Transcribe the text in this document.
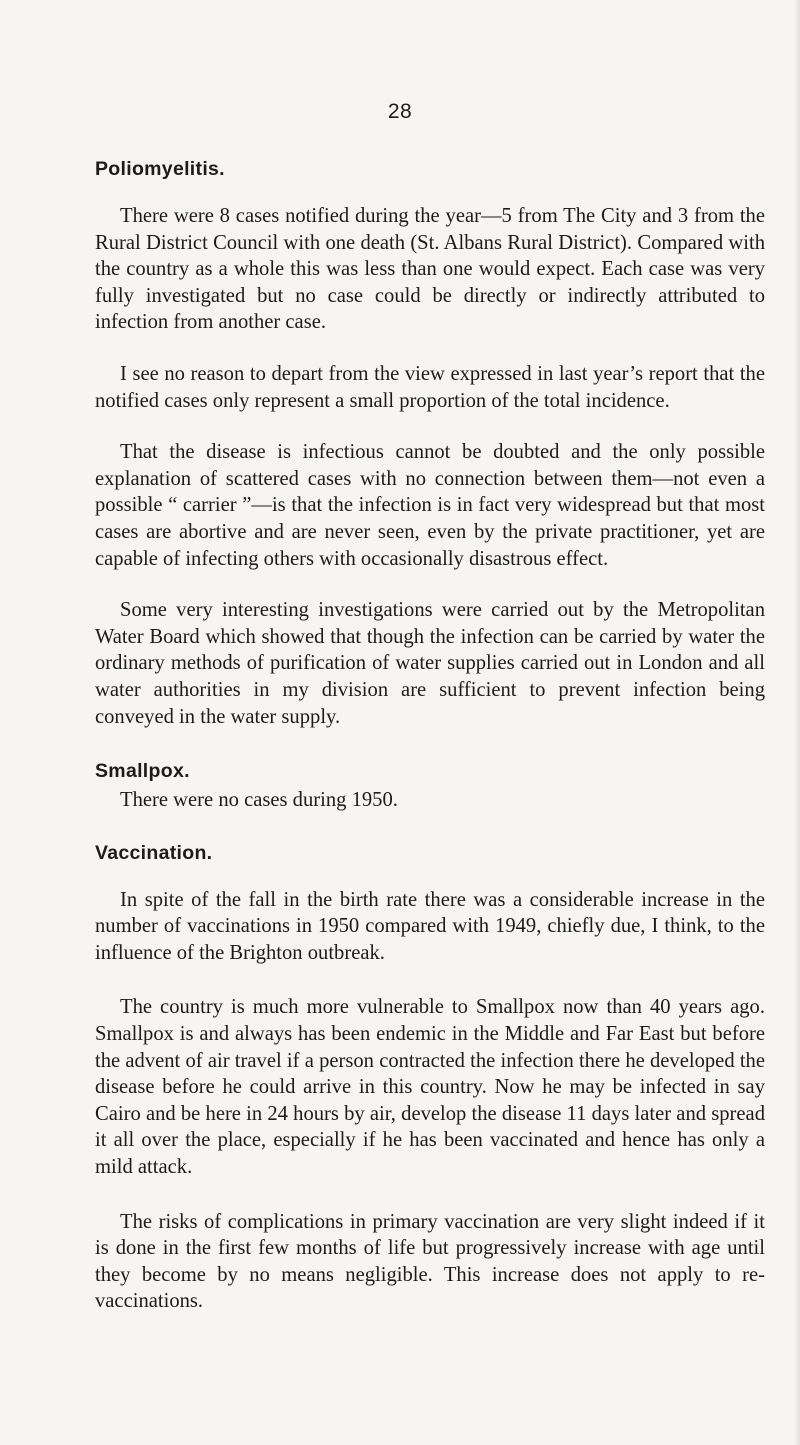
28
Poliomyelitis.

There were 8 cases notified during the year—5 from The City and 3 from the Rural District Council with one death (St. Albans Rural District). Compared with the country as a whole this was less than one would expect. Each case was very fully investigated but no case could be directly or indirectly attributed to infection from another case.

I see no reason to depart from the view expressed in last year’s report that the notified cases only represent a small proportion of the total incidence.

That the disease is infectious cannot be doubted and the only possible explanation of scattered cases with no connection between them—not even a possible “ carrier ”—is that the infection is in fact very widespread but that most cases are abortive and are never seen, even by the private practitioner, yet are capable of infecting others with occasionally disastrous effect.

Some very interesting investigations were carried out by the Metropolitan Water Board which showed that though the infection can be carried by water the ordinary methods of purification of water supplies carried out in London and all water authorities in my division are sufficient to prevent infection being conveyed in the water supply.

Smallpox.

There were no cases during 1950.

Vaccination.

In spite of the fall in the birth rate there was a considerable increase in the number of vaccinations in 1950 compared with 1949, chiefly due, I think, to the influence of the Brighton outbreak.

The country is much more vulnerable to Smallpox now than 40 years ago. Smallpox is and always has been endemic in the Middle and Far East but before the advent of air travel if a person contracted the infection there he developed the disease before he could arrive in this country. Now he may be infected in say Cairo and be here in 24 hours by air, develop the disease 11 days later and spread it all over the place, especially if he has been vaccinated and hence has only a mild attack.

The risks of complications in primary vaccination are very slight indeed if it is done in the first few months of life but progressively increase with age until they become by no means negligible. This increase does not apply to re-vaccinations.
